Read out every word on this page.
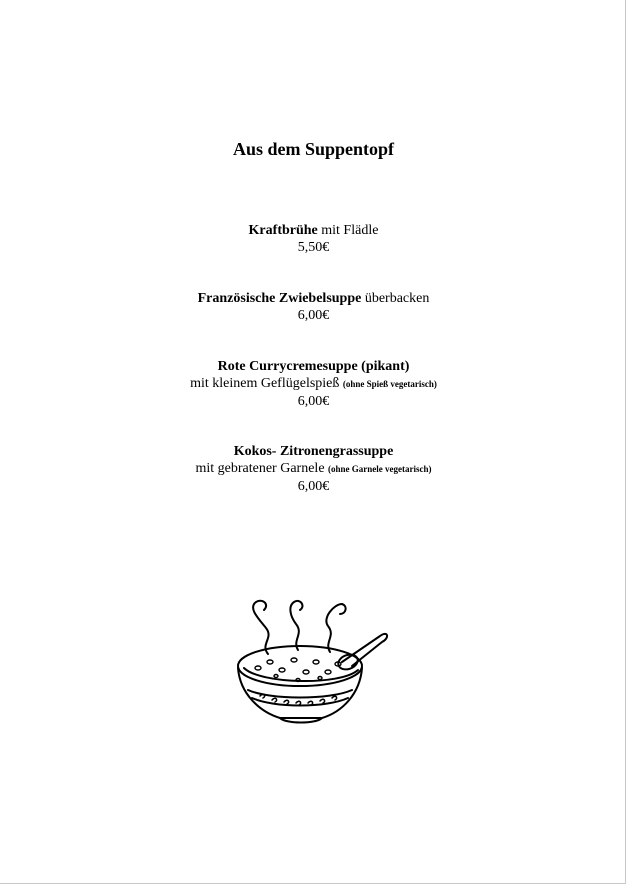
Aus dem Suppentopf
Kraftbrühe mit Flädle
5,50€
Französische Zwiebelsuppe überbacken
6,00€
Rote Currycremesuppe (pikant)
mit kleinem Geflügelspieß (ohne Spieß vegetarisch)
6,00€
Kokos- Zitronengrassuppe
mit gebratener Garnele (ohne Garnele vegetarisch)
6,00€
